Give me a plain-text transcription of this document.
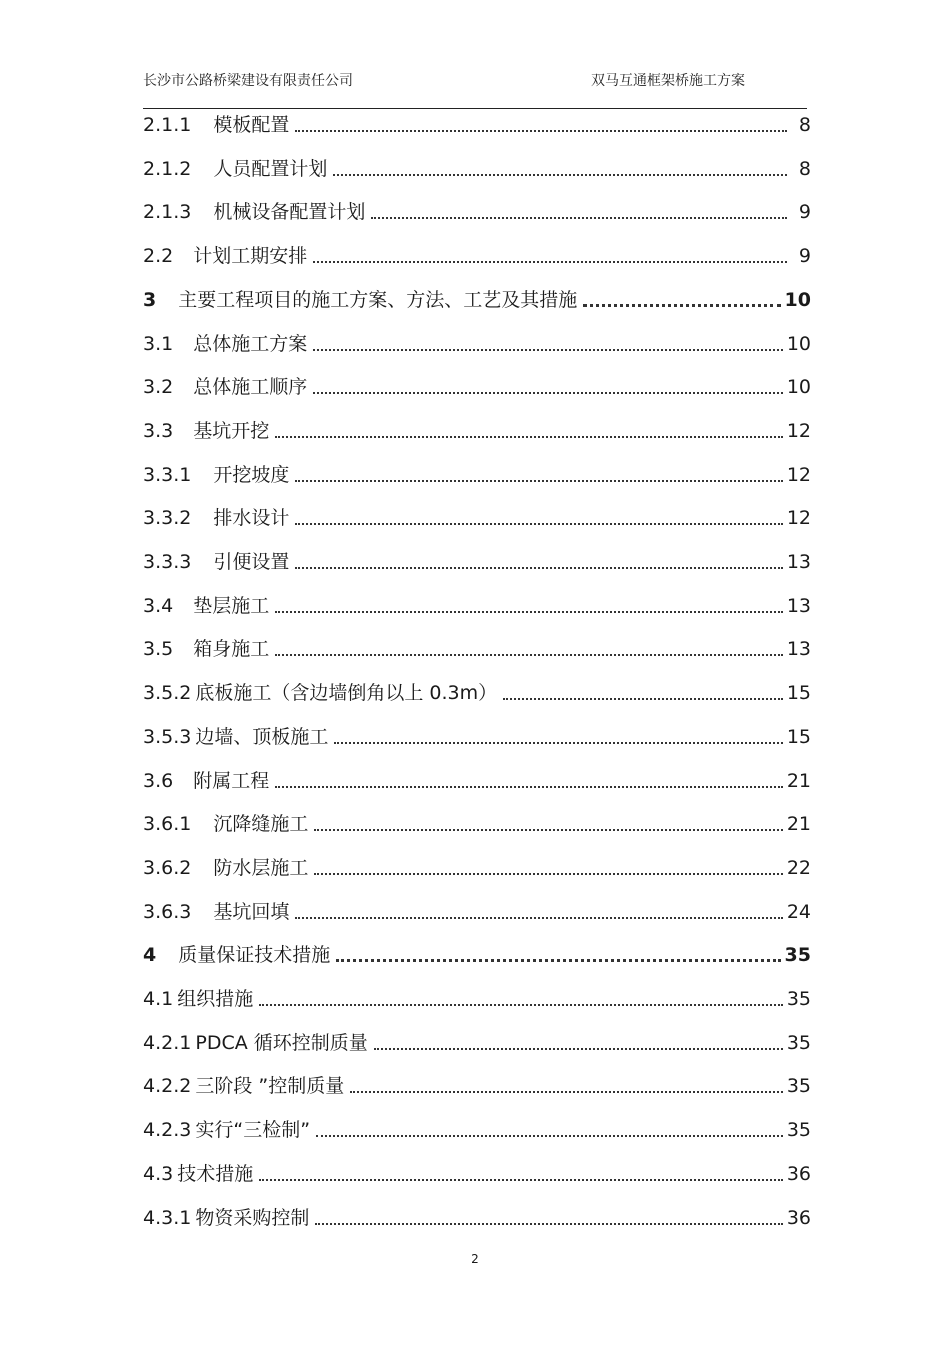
长沙市公路桥梁建设有限责任公司	双马互通框架桥施工方案
2.1.1 模板配置	8
2.1.2 人员配置计划	8
2.1.3 机械设备配置计划	9
2.2 计划工期安排	9
3 主要工程项目的施工方案、方法、工艺及其措施	10
3.1 总体施工方案	10
3.2 总体施工顺序	10
3.3 基坑开挖	12
3.3.1 开挖坡度	12
3.3.2 排水设计	12
3.3.3 引便设置	13
3.4 垫层施工	13
3.5 箱身施工	13
3.5.2 底板施工（含边墙倒角以上 0.3m）	15
3.5.3 边墙、顶板施工	15
3.6 附属工程	21
3.6.1 沉降缝施工	21
3.6.2 防水层施工	22
3.6.3 基坑回填	24
4 质量保证技术措施	35
4.1 组织措施	35
4.2.1 PDCA 循环控制质量	35
4.2.2 三阶段 ”控制质量	35
4.2.3 实行“三检制”	35
4.3 技术措施	36
4.3.1 物资采购控制	36
2
